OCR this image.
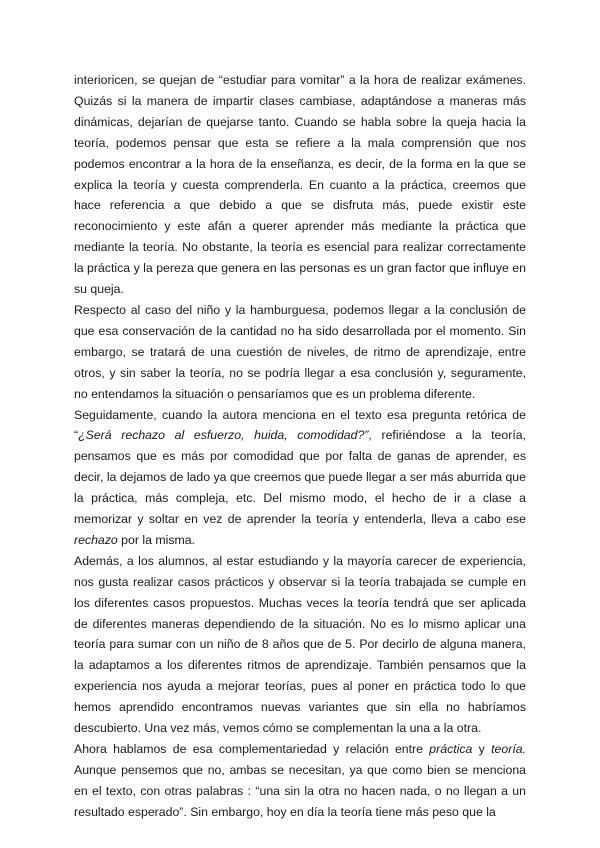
interioricen, se quejan de “estudiar para vomitar” a la hora de realizar exámenes. Quizás si la manera de impartir clases cambiase, adaptándose a maneras más dinámicas, dejarían de quejarse tanto. Cuando se habla sobre la queja hacia la teoría, podemos pensar que esta se refiere a la mala comprensión que nos podemos encontrar a la hora de la enseñanza, es decir, de la forma en la que se explica la teoría y cuesta comprenderla. En cuanto a la práctica, creemos que hace referencia a que debido a que se disfruta más, puede existir este reconocimiento y este afán a querer aprender más mediante la práctica que mediante la teoría. No obstante, la teoría es esencial para realizar correctamente la práctica y la pereza que genera en las personas es un gran factor que influye en su queja.

Respecto al caso del niño y la hamburguesa, podemos llegar a la conclusión de que esa conservación de la cantidad no ha sido desarrollada por el momento. Sin embargo, se tratará de una cuestión de niveles, de ritmo de aprendizaje, entre otros, y sin saber la teoría, no se podría llegar a esa conclusión y, seguramente, no entendamos la situación o pensaríamos que es un problema diferente.

Seguidamente, cuando la autora menciona en el texto esa pregunta retórica de “¿Será rechazo al esfuerzo, huida, comodidad?”, refiriéndose a la teoría, pensamos que es más por comodidad que por falta de ganas de aprender, es decir, la dejamos de lado ya que creemos que puede llegar a ser más aburrida que la práctica, más compleja, etc. Del mismo modo, el hecho de ir a clase a memorizar y soltar en vez de aprender la teoría y entenderla, lleva a cabo ese rechazo por la misma.

Además, a los alumnos, al estar estudiando y la mayoría carecer de experiencia, nos gusta realizar casos prácticos y observar si la teoría trabajada se cumple en los diferentes casos propuestos. Muchas veces la teoría tendrá que ser aplicada de diferentes maneras dependiendo de la situación. No es lo mismo aplicar una teoría para sumar con un niño de 8 años que de 5. Por decirlo de alguna manera, la adaptamos a los diferentes ritmos de aprendizaje. También pensamos que la experiencia nos ayuda a mejorar teorías, pues al poner en práctica todo lo que hemos aprendido encontramos nuevas variantes que sin ella no habríamos descubierto. Una vez más, vemos cómo se complementan la una a la otra.

Ahora hablamos de esa complementariedad y relación entre práctica y teoría. Aunque pensemos que no, ambas se necesitan, ya que como bien se menciona en el texto, con otras palabras : “una sin la otra no hacen nada, o no llegan a un resultado esperado”. Sin embargo, hoy en día la teoría tiene más peso que la
